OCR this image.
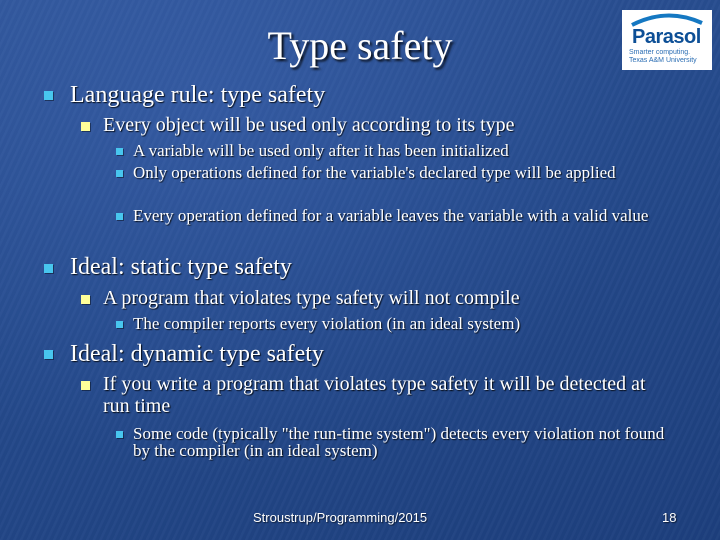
Type safety	Parasol
Smarter computing.
Texas A&M University
Language rule: type safety
Every object will be used only according to its type
A variable will be used only after it has been initialized
Only operations defined for the variable's declared type will be applied
Every operation defined for a variable leaves the variable with a valid value
Ideal: static type safety
A program that violates type safety will not compile
The compiler reports every violation (in an ideal system)
Ideal: dynamic type safety
If you write a program that violates type safety it will be detected at run time
Some code (typically "the run-time system") detects every violation not found by the compiler (in an ideal system)
Stroustrup/Programming/2015	18
